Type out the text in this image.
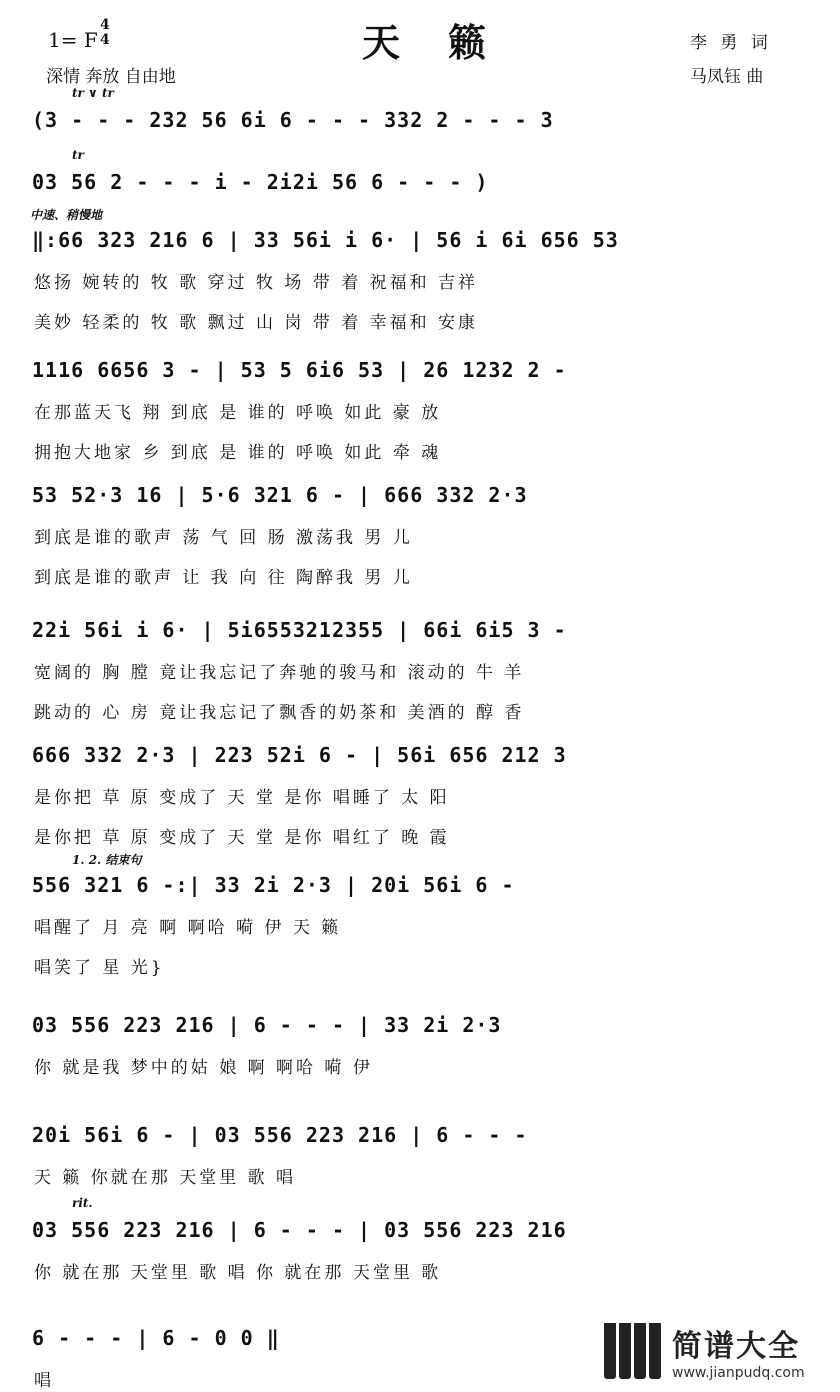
1= F
4
4	天籁	李 勇 词
马凤钰 曲
深情 奔放 自由地
tr ∨ tr
(3 - - - 232 56 6i 6 - - - 332 2 - - - 3
tr
03 56 2 - - - i - 2i2i 56 6 - - - )
中速、稍慢地
‖:66 323 216 6 | 33 56i i 6· | 56 i 6i 656 53
悠扬 婉转的 牧 歌 穿过 牧 场 带 着 祝福和 吉祥
美妙 轻柔的 牧 歌 飘过 山 岗 带 着 幸福和 安康
1116 6656 3 - | 53 5 6i6 53 | 26 1232 2 -
在那蓝天飞 翔 到底 是 谁的 呼唤 如此 豪 放
拥抱大地家 乡 到底 是 谁的 呼唤 如此 牵 魂
53 52·3 16 | 5·6 321 6 - | 666 332 2·3
到底是谁的歌声 荡 气 回 肠 激荡我 男 儿
到底是谁的歌声 让 我 向 往 陶醉我 男 儿
22i 56i i 6· | 5i6553212355 | 66i 6i5 3 -
宽阔的 胸 膛 竟让我忘记了奔驰的骏马和 滚动的 牛 羊
跳动的 心 房 竟让我忘记了飘香的奶茶和 美酒的 醇 香
666 332 2·3 | 223 52i 6 - | 56i 656 212 3
是你把 草 原 变成了 天 堂 是你 唱睡了 太 阳
是你把 草 原 变成了 天 堂 是你 唱红了 晚 霞
1. 2. 结束句
556 321 6 -:| 33 2i 2·3 | 20i 56i 6 -
唱醒了 月 亮 啊 啊哈 嗬 伊 天 籁
唱笑了 星 光}
03 556 223 216 | 6 - - - | 33 2i 2·3
你 就是我 梦中的姑 娘 啊 啊哈 嗬 伊
20i 56i 6 - | 03 556 223 216 | 6 - - -
天 籁 你就在那 天堂里 歌 唱
rit.
03 556 223 216 | 6 - - - | 03 556 223 216
你 就在那 天堂里 歌 唱 你 就在那 天堂里 歌
6 - - - | 6 - 0 0 ‖
唱
简谱大全
www.jianpudq.com
